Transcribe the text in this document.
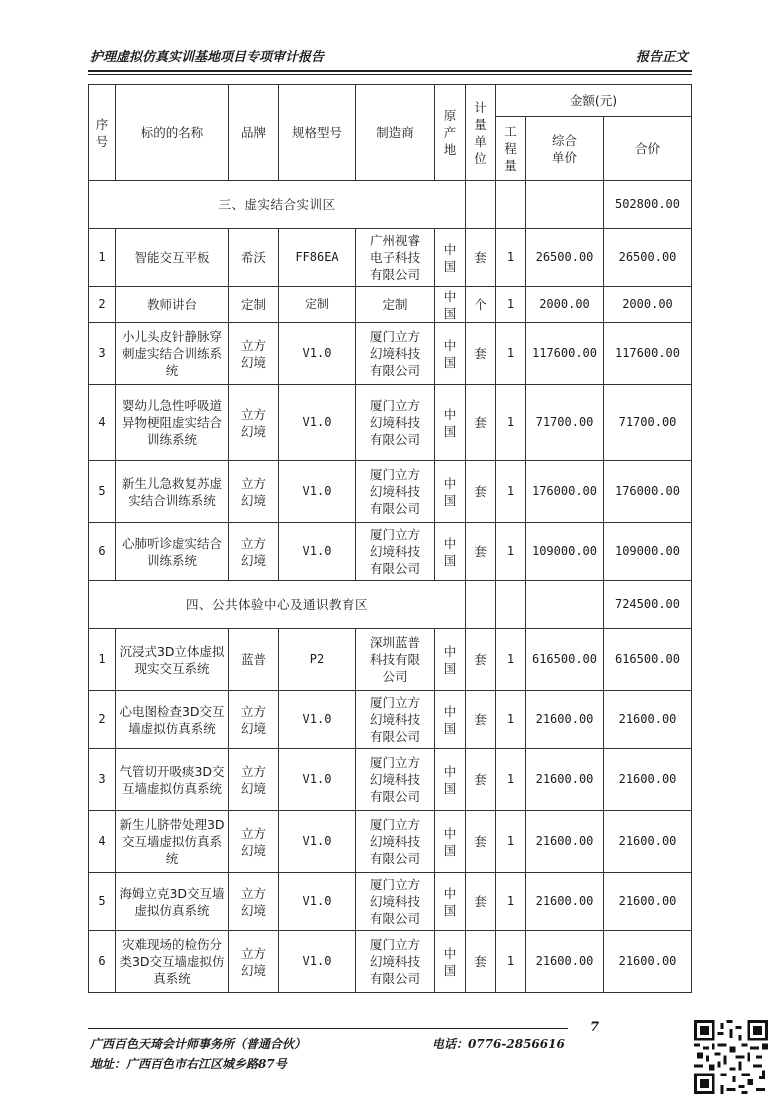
护理虚拟仿真实训基地项目专项审计报告	报告正文
序号	标的的名称	品牌	规格型号	制造商	原产地	计量单位	金额(元)		

							工程量	综合单价	合价
三、虚实结合实训区									502800.00
1	智能交互平板	希沃	FF86EA	广州视睿电子科技有限公司	中国	套	1	26500.00	26500.00
2	教师讲台	定制	定制	定制	中国	个	1	2000.00	2000.00
3	小儿头皮针静脉穿刺虚实结合训练系统	立方幻境	V1.0	厦门立方幻境科技有限公司	中国	套	1	117600.00	117600.00
4	婴幼儿急性呼吸道异物梗阻虚实结合训练系统	立方幻境	V1.0	厦门立方幻境科技有限公司	中国	套	1	71700.00	71700.00
5	新生儿急救复苏虚实结合训练系统	立方幻境	V1.0	厦门立方幻境科技有限公司	中国	套	1	176000.00	176000.00
6	心肺听诊虚实结合训练系统	立方幻境	V1.0	厦门立方幻境科技有限公司	中国	套	1	109000.00	109000.00
四、公共体验中心及通识教育区									724500.00
1	沉浸式3D立体虚拟现实交互系统	蓝普	P2	深圳蓝普科技有限公司	中国	套	1	616500.00	616500.00
2	心电图检查3D交互墙虚拟仿真系统	立方幻境	V1.0	厦门立方幻境科技有限公司	中国	套	1	21600.00	21600.00
3	气管切开吸痰3D交互墙虚拟仿真系统	立方幻境	V1.0	厦门立方幻境科技有限公司	中国	套	1	21600.00	21600.00
4	新生儿脐带处理3D交互墙虚拟仿真系统	立方幻境	V1.0	厦门立方幻境科技有限公司	中国	套	1	21600.00	21600.00
5	海姆立克3D交互墙虚拟仿真系统	立方幻境	V1.0	厦门立方幻境科技有限公司	中国	套	1	21600.00	21600.00
6	灾难现场的检伤分类3D交互墙虚拟仿真系统	立方幻境	V1.0	厦门立方幻境科技有限公司	中国	套	1	21600.00	21600.00
7
广西百色天琦会计师事务所（普通合伙）	电话：0776-2856616
地址：广西百色市右江区城乡路87号
